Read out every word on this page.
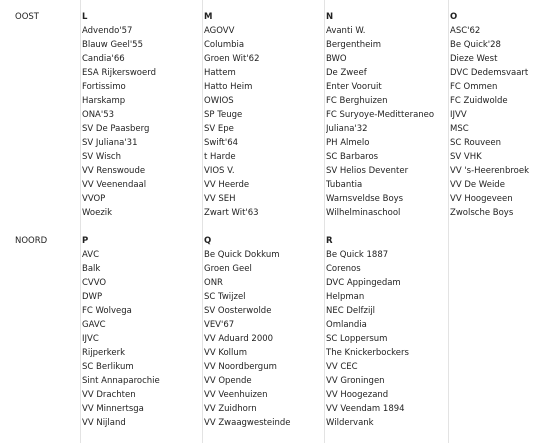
OOST	L
Advendo'57
Blauw Geel'55
Candia'66
ESA Rijkerswoerd
Fortissimo
Harskamp
ONA'53
SV De Paasberg
SV Juliana'31
SV Wisch
VV Renswoude
VV Veenendaal
VVOP
Woezik
M
AGOVV
Columbia
Groen Wit'62
Hattem
Hatto Heim
OWIOS
SP Teuge
SV Epe
Swift'64
t Harde
VIOS V.
VV Heerde
VV SEH
Zwart Wit'63
N
Avanti W.
Bergentheim
BWO
De Zweef
Enter Vooruit
FC Berghuizen
FC Suryoye-Meditteraneo
Juliana'32
PH Almelo
SC Barbaros
SV Helios Deventer
Tubantia
Warnsveldse Boys
Wilhelminaschool
O
ASC'62
Be Quick'28
Dieze West
DVC Dedemsvaart
FC Ommen
FC Zuidwolde
IJVV
MSC
SC Rouveen
SV VHK
VV 's-Heerenbroek
VV De Weide
VV Hoogeveen
Zwolsche Boys
NOORD	P
AVC
Balk
CVVO
DWP
FC Wolvega
GAVC
IJVC
Rijperkerk
SC Berlikum
Sint Annaparochie
VV Drachten
VV Minnertsga
VV Nijland
Q
Be Quick Dokkum
Groen Geel
ONR
SC Twijzel
SV Oosterwolde
VEV'67
VV Aduard 2000
VV Kollum
VV Noordbergum
VV Opende
VV Veenhuizen
VV Zuidhorn
VV Zwaagwesteinde
R
Be Quick 1887
Corenos
DVC Appingedam
Helpman
NEC Delfzijl
Omlandia
SC Loppersum
The Knickerbockers
VV CEC
VV Groningen
VV Hoogezand
VV Veendam 1894
Wildervank
